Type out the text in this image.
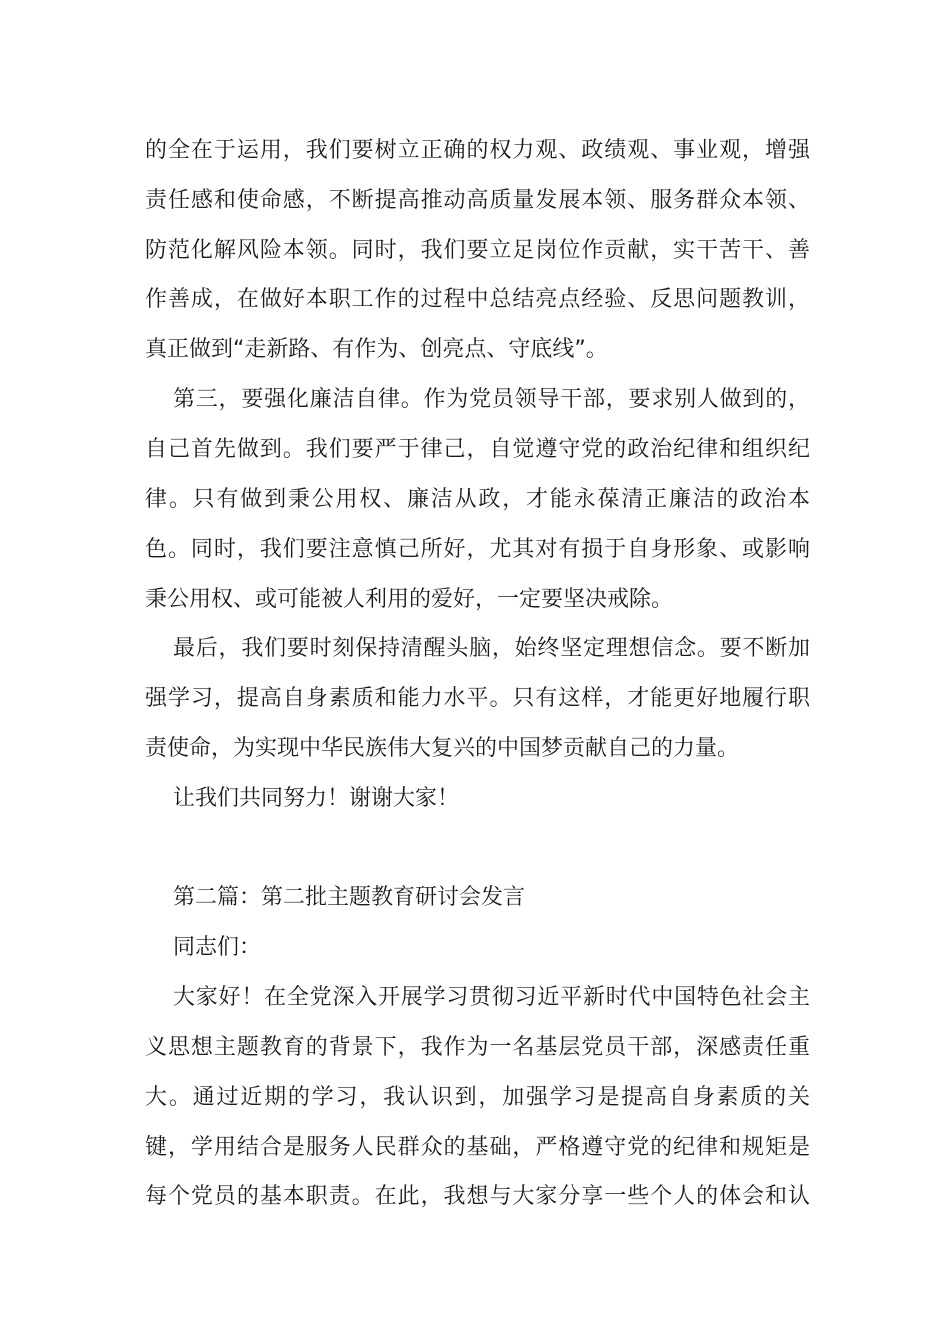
的全在于运用，我们要树立正确的权力观、政绩观、事业观，增强
责任感和使命感，不断提高推动高质量发展本领、服务群众本领、
防范化解风险本领。同时，我们要立足岗位作贡献，实干苦干、善
作善成，在做好本职工作的过程中总结亮点经验、反思问题教训，
真正做到“走新路、有作为、创亮点、守底线”。
第三，要强化廉洁自律。作为党员领导干部，要求别人做到的，
自己首先做到。我们要严于律己，自觉遵守党的政治纪律和组织纪
律。只有做到秉公用权、廉洁从政，才能永葆清正廉洁的政治本
色。同时，我们要注意慎己所好，尤其对有损于自身形象、或影响
秉公用权、或可能被人利用的爱好，一定要坚决戒除。
最后，我们要时刻保持清醒头脑，始终坚定理想信念。要不断加
强学习，提高自身素质和能力水平。只有这样，才能更好地履行职
责使命，为实现中华民族伟大复兴的中国梦贡献自己的力量。
让我们共同努力！谢谢大家！
第二篇：第二批主题教育研讨会发言
同志们：
大家好！在全党深入开展学习贯彻习近平新时代中国特色社会主
义思想主题教育的背景下，我作为一名基层党员干部，深感责任重
大。通过近期的学习，我认识到，加强学习是提高自身素质的关
键，学用结合是服务人民群众的基础，严格遵守党的纪律和规矩是
每个党员的基本职责。在此，我想与大家分享一些个人的体会和认
